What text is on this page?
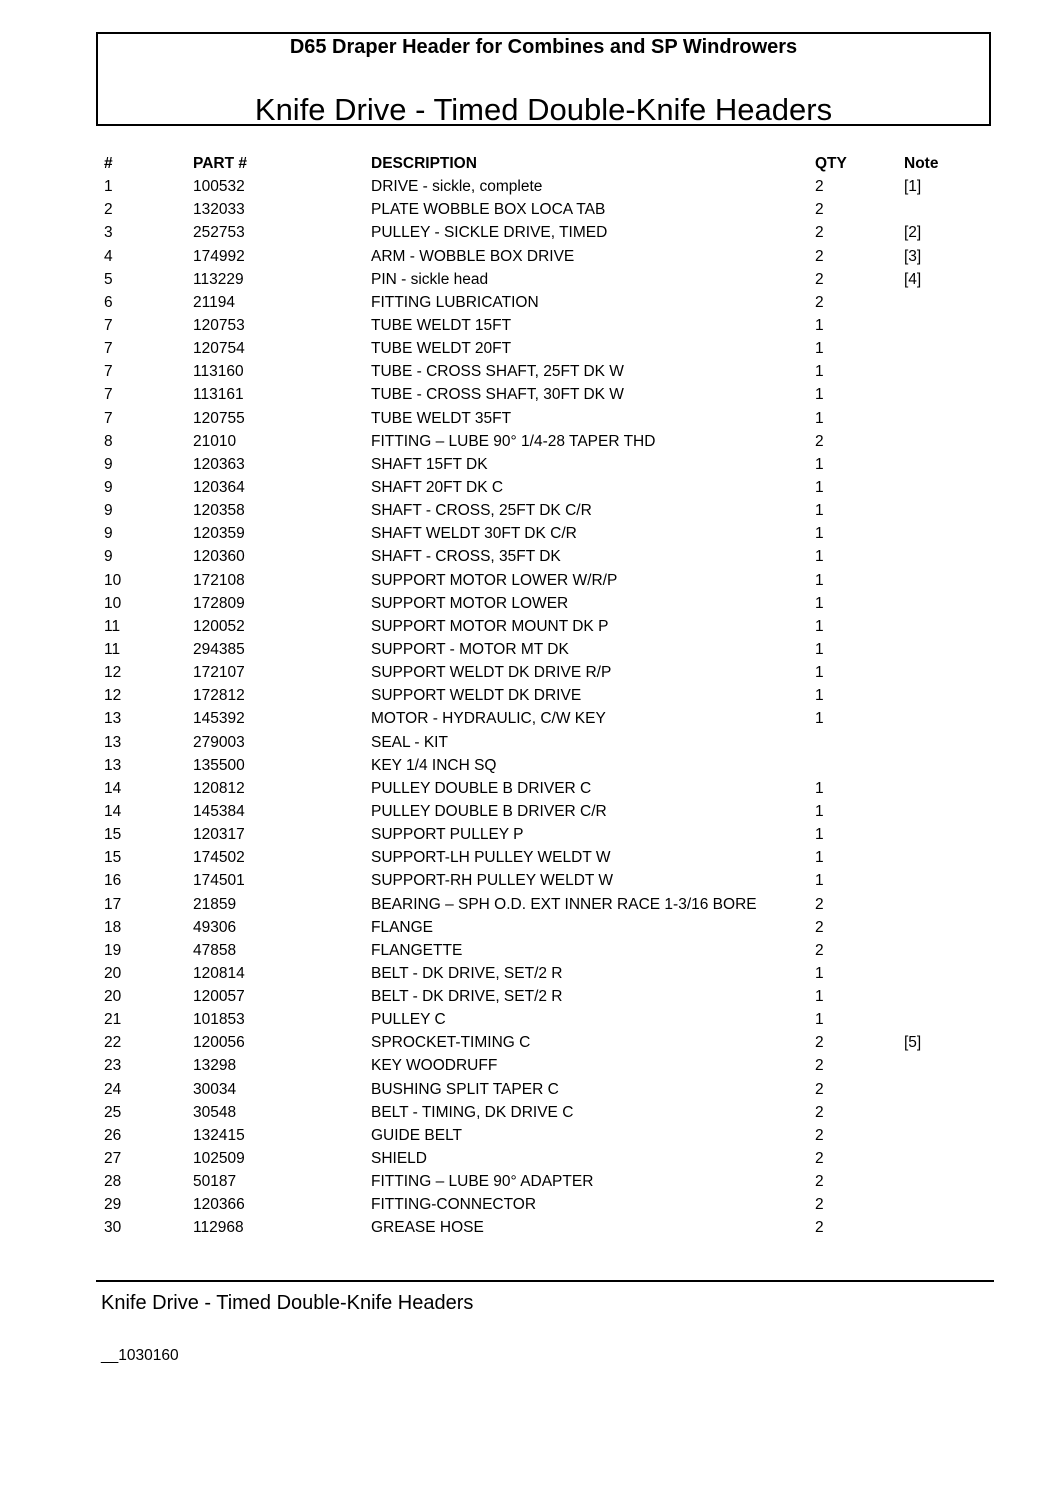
D65 Draper Header for Combines and SP Windrowers
Knife Drive - Timed Double-Knife Headers
#	PART #	DESCRIPTION	QTY	Note
1	100532	DRIVE - sickle, complete	2	[1]
2	132033	PLATE WOBBLE BOX LOCA TAB	2
3	252753	PULLEY - SICKLE DRIVE, TIMED	2	[2]
4	174992	ARM - WOBBLE BOX DRIVE	2	[3]
5	113229	PIN - sickle head	2	[4]
6	21194	FITTING LUBRICATION	2
7	120753	TUBE WELDT 15FT	1
7	120754	TUBE WELDT 20FT	1
7	113160	TUBE - CROSS SHAFT, 25FT DK W	1
7	113161	TUBE - CROSS SHAFT, 30FT DK W	1
7	120755	TUBE WELDT 35FT	1
8	21010	FITTING – LUBE 90° 1/4-28 TAPER THD	2
9	120363	SHAFT 15FT DK	1
9	120364	SHAFT 20FT DK C	1
9	120358	SHAFT - CROSS, 25FT DK C/R	1
9	120359	SHAFT WELDT 30FT DK C/R	1
9	120360	SHAFT - CROSS, 35FT DK	1
10	172108	SUPPORT MOTOR LOWER W/R/P	1
10	172809	SUPPORT MOTOR LOWER	1
11	120052	SUPPORT MOTOR MOUNT DK P	1
11	294385	SUPPORT - MOTOR MT DK	1
12	172107	SUPPORT WELDT DK DRIVE R/P	1
12	172812	SUPPORT WELDT DK DRIVE	1
13	145392	MOTOR - HYDRAULIC, C/W KEY	1
13	279003	SEAL - KIT
13	135500	KEY 1/4 INCH SQ
14	120812	PULLEY DOUBLE B DRIVER C	1
14	145384	PULLEY DOUBLE B DRIVER C/R	1
15	120317	SUPPORT PULLEY P	1
15	174502	SUPPORT-LH PULLEY WELDT W	1
16	174501	SUPPORT-RH PULLEY WELDT W	1
17	21859	BEARING – SPH O.D. EXT INNER RACE 1-3/16 BORE	2
18	49306	FLANGE	2
19	47858	FLANGETTE	2
20	120814	BELT - DK DRIVE, SET/2 R	1
20	120057	BELT - DK DRIVE, SET/2 R	1
21	101853	PULLEY C	1
22	120056	SPROCKET-TIMING C	2	[5]
23	13298	KEY WOODRUFF	2
24	30034	BUSHING SPLIT TAPER C	2
25	30548	BELT - TIMING, DK DRIVE C	2
26	132415	GUIDE BELT	2
27	102509	SHIELD	2
28	50187	FITTING – LUBE 90° ADAPTER	2
29	120366	FITTING-CONNECTOR	2
30	112968	GREASE HOSE	2
Knife Drive - Timed Double-Knife Headers
__1030160
